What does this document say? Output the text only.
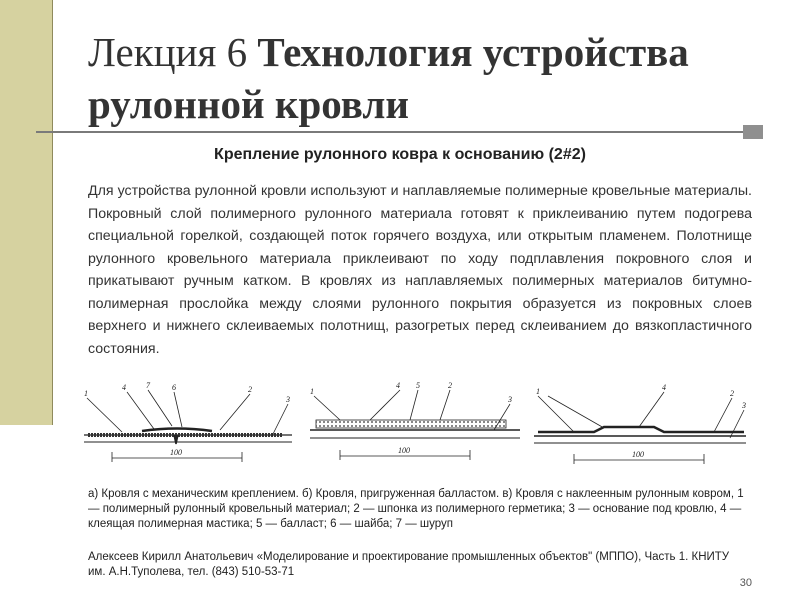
Лекция 6 Технология устройства рулонной кровли
Крепление рулонного ковра к основанию (2#2)

Для устройства рулонной кровли используют и наплавляемые полимерные кровельные материалы. Покровный слой полимерного рулонного материала готовят к приклеиванию путем подогрева специальной горелкой, создающей поток горячего воздуха, или открытым пламенем. Полотнище рулонного кровельного материала приклеивают по ходу подплавления покровного слоя и прикатывают ручным катком. В кровлях из наплавляемых полимерных материалов битумно-полимерная прослойка между слоями рулонного покрытия образуется из покровных слоев верхнего и нижнего склеиваемых полотнищ, разогретых перед склеиванием до вязкопластичного состояния.

1
4	7	6	2
3
100
1
4 5	2
3
100
1	4
2
3
100

а) Кровля с механическим креплением. б) Кровля, пригруженная балластом. в) Кровля с наклеенным рулонным ковром, 1 — полимерный рулонный кровельный материал; 2 — шпонка из полимерного герметика; 3 — основание под кровлю, 4 — клеящая полимерная мастика; 5 — балласт; 6 — шайба; 7 — шуруп

Алексеев Кирилл Анатольевич «Моделирование и проектирование промышленных объектов" (МППО), Часть 1. КНИТУ им. А.Н.Туполева, тел. (843) 510-53-71

30
